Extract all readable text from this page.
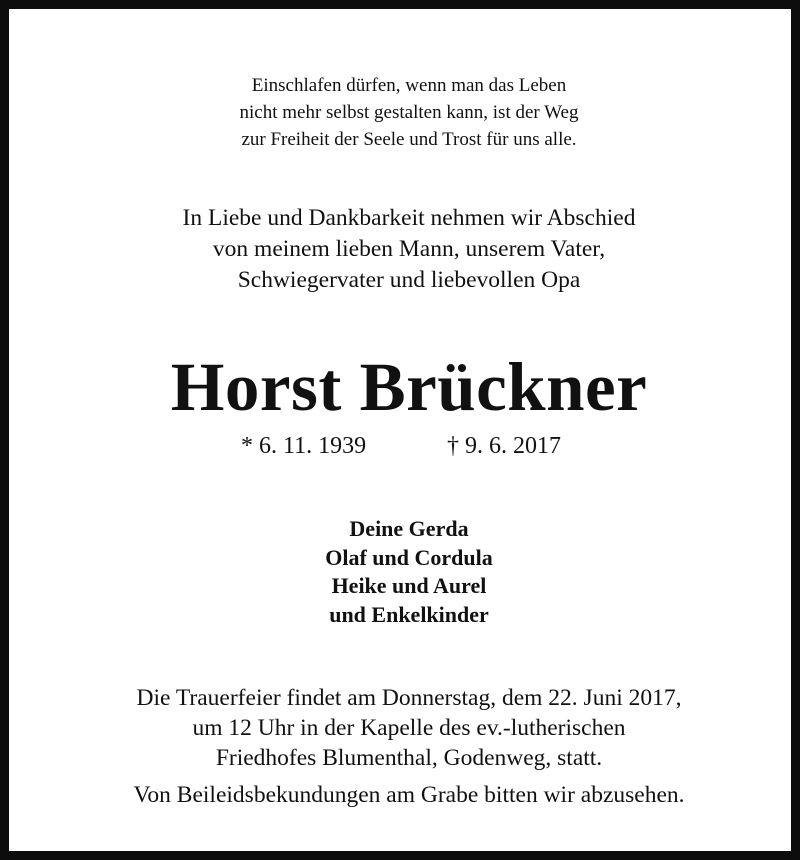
Einschlafen dürfen, wenn man das Leben
nicht mehr selbst gestalten kann, ist der Weg
zur Freiheit der Seele und Trost für uns alle.
In Liebe und Dankbarkeit nehmen wir Abschied
von meinem lieben Mann, unserem Vater,
Schwiegervater und liebevollen Opa
Horst Brückner
* 6. 11. 1939	† 9. 6. 2017
Deine Gerda
Olaf und Cordula
Heike und Aurel
und Enkelkinder
Die Trauerfeier findet am Donnerstag, dem 22. Juni 2017,
um 12 Uhr in der Kapelle des ev.-lutherischen
Friedhofes Blumenthal, Godenweg, statt.
Von Beileidsbekundungen am Grabe bitten wir abzusehen.
